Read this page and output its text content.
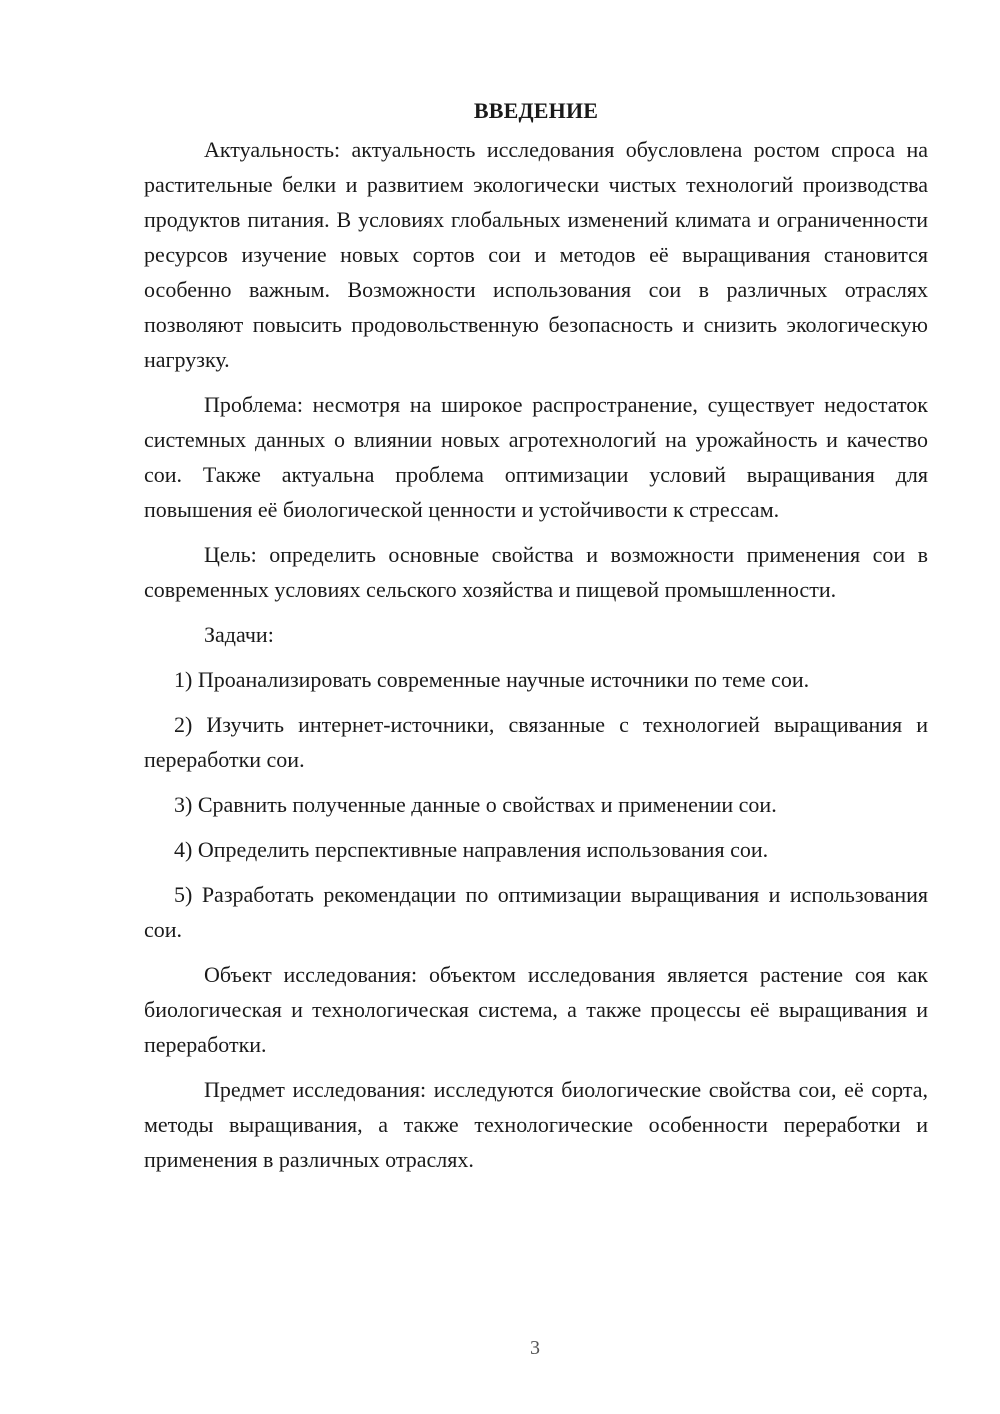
ВВЕДЕНИЕ

Актуальность: актуальность исследования обусловлена ростом спроса на растительные белки и развитием экологически чистых технологий производства продуктов питания. В условиях глобальных изменений климата и ограниченности ресурсов изучение новых сортов сои и методов её выращивания становится особенно важным. Возможности использования сои в различных отраслях позволяют повысить продовольственную безопасность и снизить экологическую нагрузку.

Проблема: несмотря на широкое распространение, существует недостаток системных данных о влиянии новых агротехнологий на урожайность и качество сои. Также актуальна проблема оптимизации условий выращивания для повышения её биологической ценности и устойчивости к стрессам.

Цель: определить основные свойства и возможности применения сои в современных условиях сельского хозяйства и пищевой промышленности.

Задачи:

1) Проанализировать современные научные источники по теме сои.

2) Изучить интернет-источники, связанные с технологией выращивания и переработки сои.

3) Сравнить полученные данные о свойствах и применении сои.

4) Определить перспективные направления использования сои.

5) Разработать рекомендации по оптимизации выращивания и использования сои.

Объект исследования: объектом исследования является растение соя как биологическая и технологическая система, а также процессы её выращивания и переработки.

Предмет исследования: исследуются биологические свойства сои, её сорта, методы выращивания, а также технологические особенности переработки и применения в различных отраслях.

3
